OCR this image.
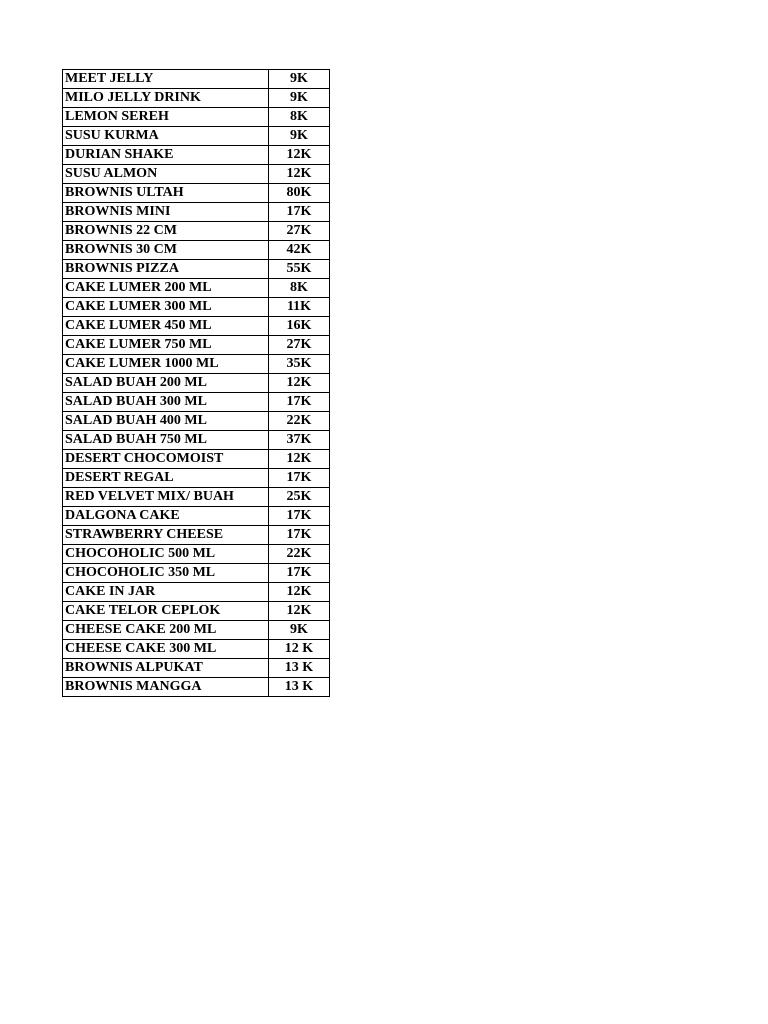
MEET JELLY	9K
MILO JELLY DRINK	9K
LEMON SEREH	8K
SUSU KURMA	9K
DURIAN SHAKE	12K
SUSU ALMON	12K
BROWNIS ULTAH	80K
BROWNIS MINI	17K
BROWNIS 22 CM	27K
BROWNIS 30 CM	42K
BROWNIS PIZZA	55K
CAKE LUMER 200 ML	8K
CAKE LUMER 300 ML	11K
CAKE LUMER 450 ML	16K
CAKE LUMER 750 ML	27K
CAKE LUMER 1000 ML	35K
SALAD BUAH 200 ML	12K
SALAD BUAH 300 ML	17K
SALAD BUAH 400 ML	22K
SALAD BUAH 750 ML	37K
DESERT CHOCOMOIST	12K
DESERT REGAL	17K
RED VELVET MIX/ BUAH	25K
DALGONA CAKE	17K
STRAWBERRY CHEESE	17K
CHOCOHOLIC 500 ML	22K
CHOCOHOLIC 350 ML	17K
CAKE IN JAR	12K
CAKE TELOR CEPLOK	12K
CHEESE CAKE 200 ML	9K
CHEESE CAKE 300 ML	12 K
BROWNIS ALPUKAT	13 K
BROWNIS MANGGA	13 K
